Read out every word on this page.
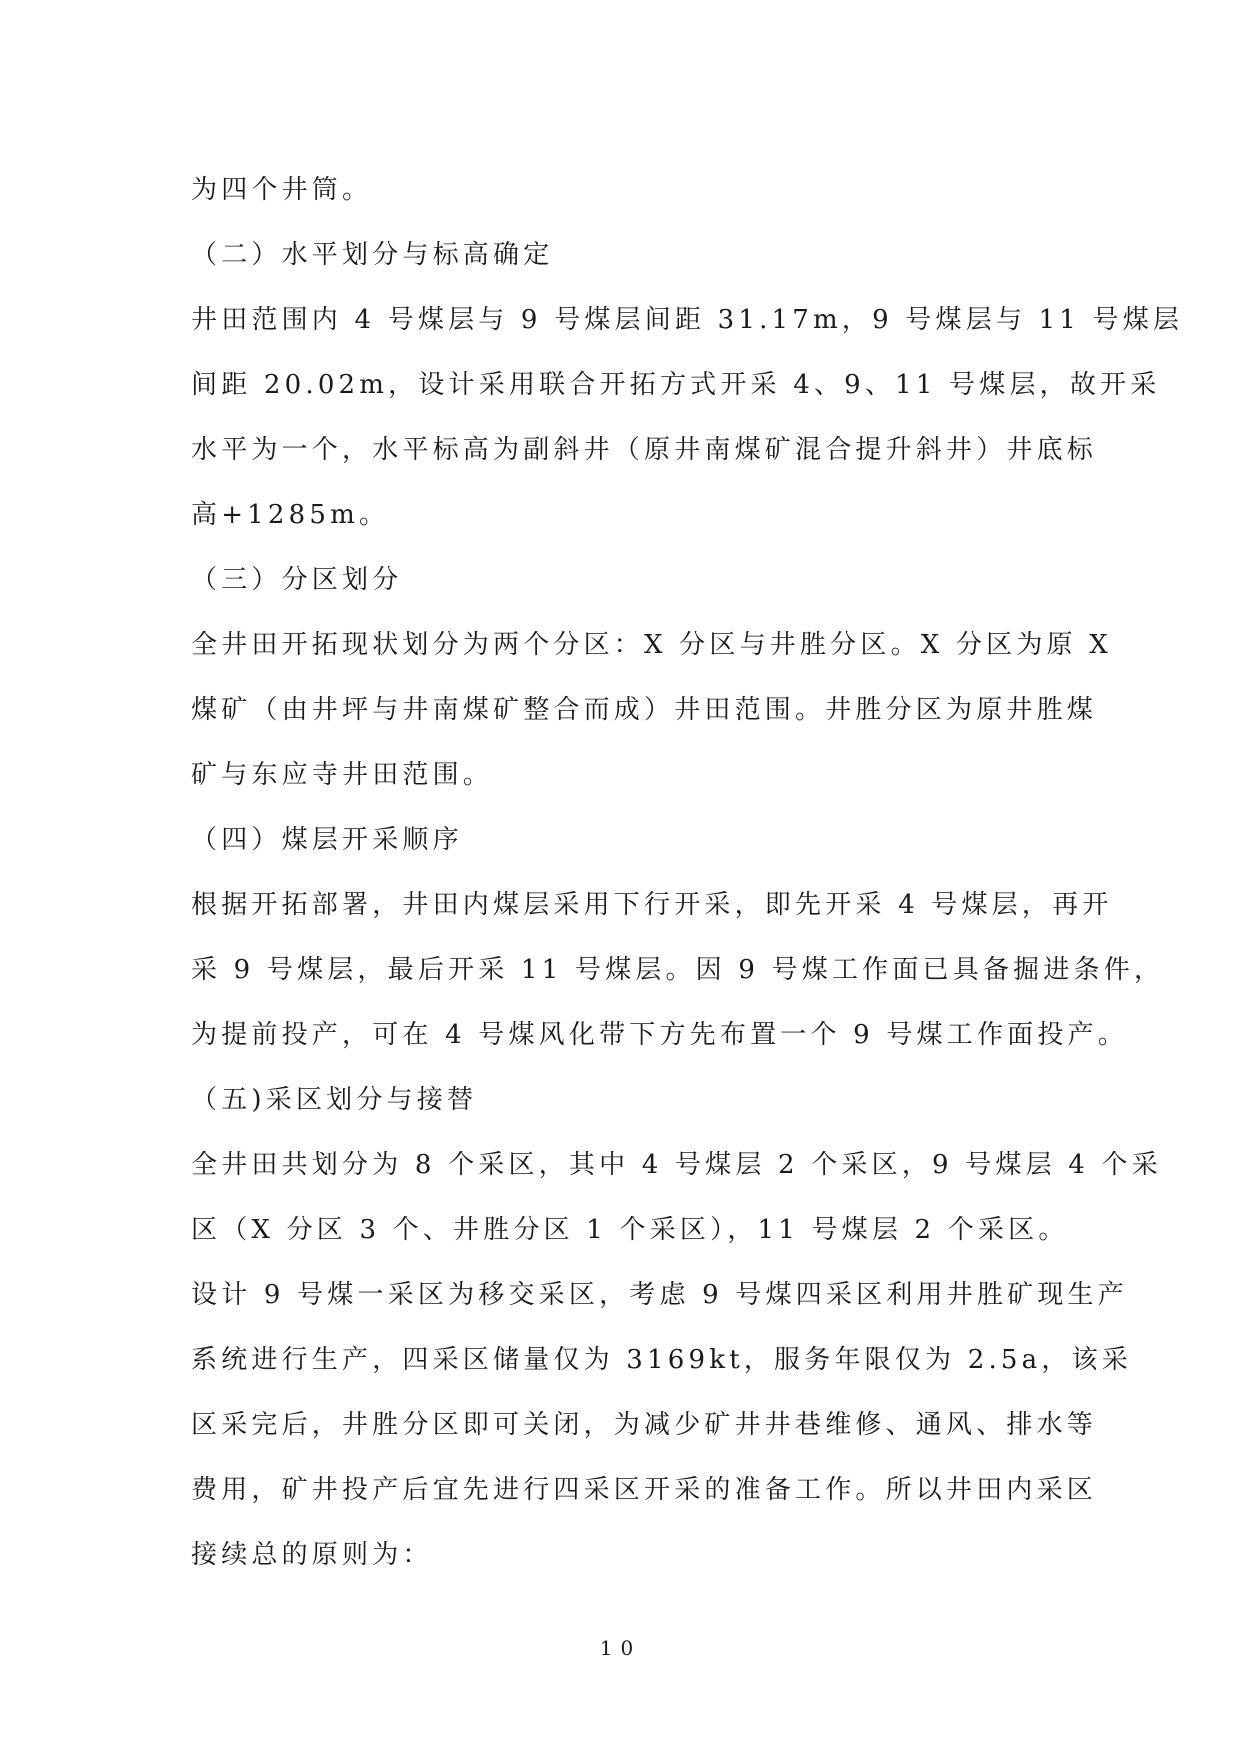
为四个井筒。
（二）水平划分与标高确定
井田范围内 4 号煤层与 9 号煤层间距 31.17m，9 号煤层与 11 号煤层
间距 20.02m，设计采用联合开拓方式开采 4、9、11 号煤层，故开采
水平为一个，水平标高为副斜井（原井南煤矿混合提升斜井）井底标
高+1285m。
（三）分区划分
全井田开拓现状划分为两个分区：X 分区与井胜分区。X 分区为原 X
煤矿（由井坪与井南煤矿整合而成）井田范围。井胜分区为原井胜煤
矿与东应寺井田范围。
（四）煤层开采顺序
根据开拓部署，井田内煤层采用下行开采，即先开采 4 号煤层，再开
采 9 号煤层，最后开采 11 号煤层。因 9 号煤工作面已具备掘进条件，
为提前投产，可在 4 号煤风化带下方先布置一个 9 号煤工作面投产。
（五)采区划分与接替
全井田共划分为 8 个采区，其中 4 号煤层 2 个采区，9 号煤层 4 个采
区（X 分区 3 个、井胜分区 1 个采区），11 号煤层 2 个采区。
设计 9 号煤一采区为移交采区，考虑 9 号煤四采区利用井胜矿现生产
系统进行生产，四采区储量仅为 3169kt，服务年限仅为 2.5a，该采
区采完后，井胜分区即可关闭，为减少矿井井巷维修、通风、排水等
费用，矿井投产后宜先进行四采区开采的准备工作。所以井田内采区
接续总的原则为：
10
